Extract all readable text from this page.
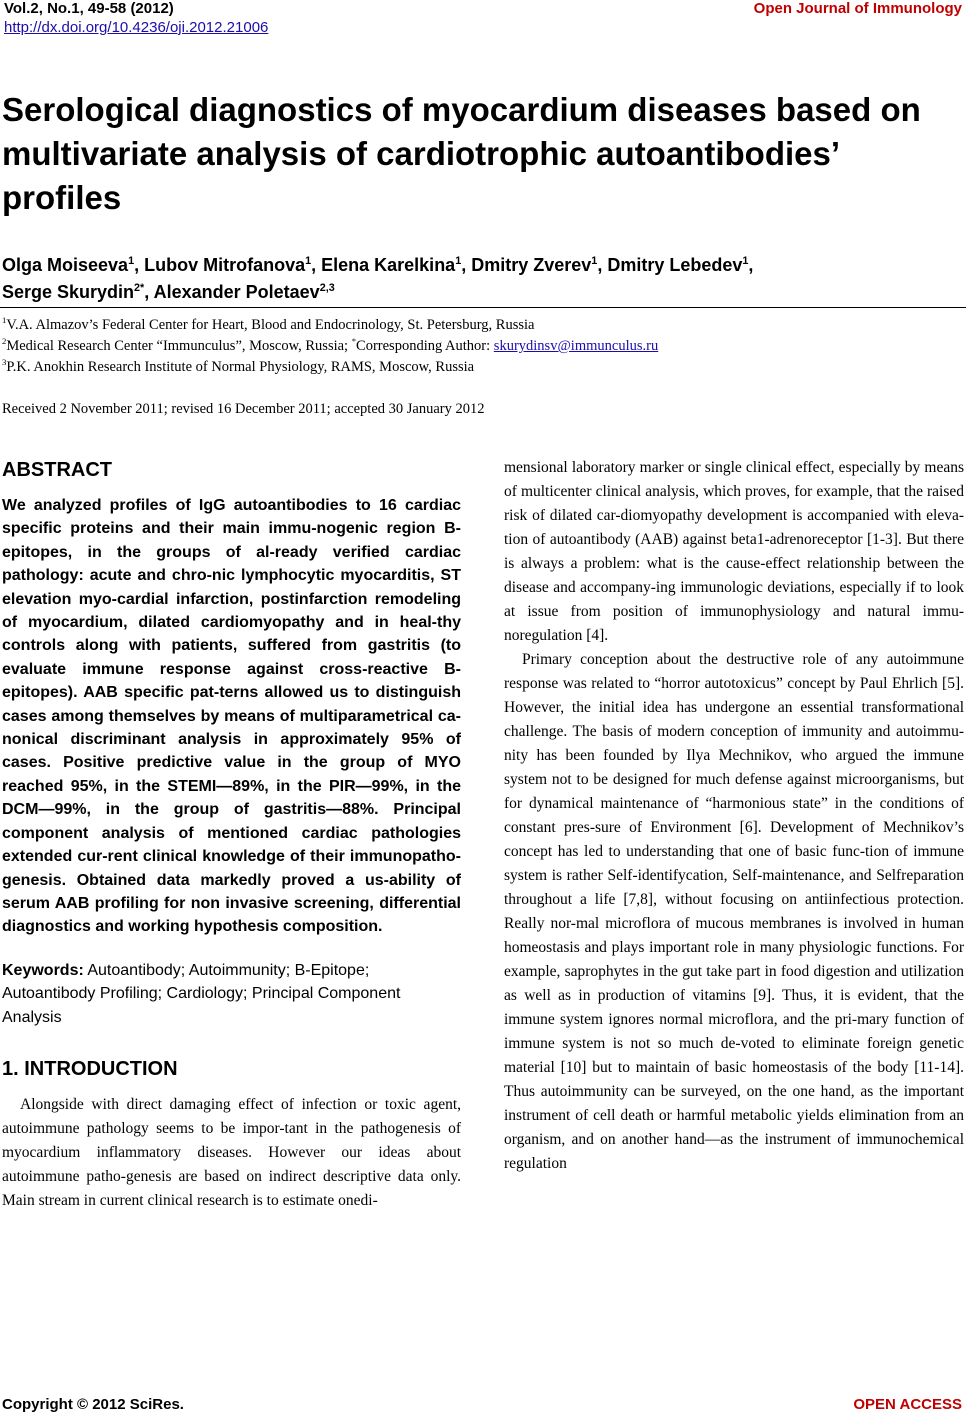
Vol.2, No.1, 49-58 (2012)
http://dx.doi.org/10.4236/oji.2012.21006
Open Journal of Immunology
Serological diagnostics of myocardium diseases based on multivariate analysis of cardiotrophic autoantibodies’ profiles
Olga Moiseeva$^1$, Lubov Mitrofanova$^1$, Elena Karelkina$^1$, Dmitry Zverev$^1$, Dmitry Lebedev$^1$,
Serge Skurydin$^{2*}$, Alexander Poletaev$^{2,3}$
$^1$V.A. Almazov’s Federal Center for Heart, Blood and Endocrinology, St. Petersburg, Russia
$^2$Medical Research Center “Immunculus”, Moscow, Russia; *Corresponding Author: skurydinsv@immunculus.ru
$^3$P.K. Anokhin Research Institute of Normal Physiology, RAMS, Moscow, Russia
Received 2 November 2011; revised 16 December 2011; accepted 30 January 2012
ABSTRACT
We analyzed profiles of IgG autoantibodies to 16 cardiac specific proteins and their main immu-nogenic region B-epitopes, in the groups of al-ready verified cardiac pathology: acute and chro-nic lymphocytic myocarditis, ST elevation myo-cardial infarction, postinfarction remodeling of myocardium, dilated cardiomyopathy and in heal-thy controls along with patients, suffered from gastritis (to evaluate immune response against cross-reactive B-epitopes). AAB specific pat-terns allowed us to distinguish cases among themselves by means of multiparametrical ca-nonical discriminant analysis in approximately 95% of cases. Positive predictive value in the group of MYO reached 95%, in the STEMI—89%, in the PIR—99%, in the DCM—99%, in the group of gastritis—88%. Principal component analysis of mentioned cardiac pathologies extended cur-rent clinical knowledge of their immunopatho-genesis. Obtained data markedly proved a us-ability of serum AAB profiling for non invasive screening, differential diagnostics and working hypothesis composition.
Keywords: Autoantibody; Autoimmunity; B-Epitope; Autoantibody Profiling; Cardiology; Principal Component Analysis
1. INTRODUCTION

Alongside with direct damaging effect of infection or toxic agent, autoimmune pathology seems to be impor-tant in the pathogenesis of myocardium inflammatory diseases. However our ideas about autoimmune patho-genesis are based on indirect descriptive data only. Main stream in current clinical research is to estimate onedi-

mensional laboratory marker or single clinical effect, especially by means of multicenter clinical analysis, which proves, for example, that the raised risk of dilated car-diomyopathy development is accompanied with eleva-tion of autoantibody (AAB) against beta1-adrenoreceptor [1-3]. But there is always a problem: what is the cause-effect relationship between the disease and accompany-ing immunologic deviations, especially if to look at issue from position of immunophysiology and natural immu-noregulation [4].

Primary conception about the destructive role of any autoimmune response was related to “horror autotoxicus” concept by Paul Ehrlich [5]. However, the initial idea has undergone an essential transformational challenge. The basis of modern conception of immunity and autoimmu-nity has been founded by Ilya Mechnikov, who argued the immune system not to be designed for much defense against microorganisms, but for dynamical maintenance of “harmonious state” in the conditions of constant pres-sure of Environment [6]. Development of Mechnikov’s concept has led to understanding that one of basic func-tion of immune system is rather Self-identifycation, Self-maintenance, and Selfreparation throughout a life [7,8], without focusing on antiinfectious protection. Really nor-mal microflora of mucous membranes is involved in human homeostasis and plays important role in many physiologic functions. For example, saprophytes in the gut take part in food digestion and utilization as well as in production of vitamins [9]. Thus, it is evident, that the immune system ignores normal microflora, and the pri-mary function of immune system is not so much de-voted to eliminate foreign genetic material [10] but to maintain of basic homeostasis of the body [11-14]. Thus autoimmunity can be surveyed, on the one hand, as the important instrument of cell death or harmful metabolic yields elimination from an organism, and on another hand—as the instrument of immunochemical regulation

Copyright © 2012 SciRes.	OPEN ACCESS
